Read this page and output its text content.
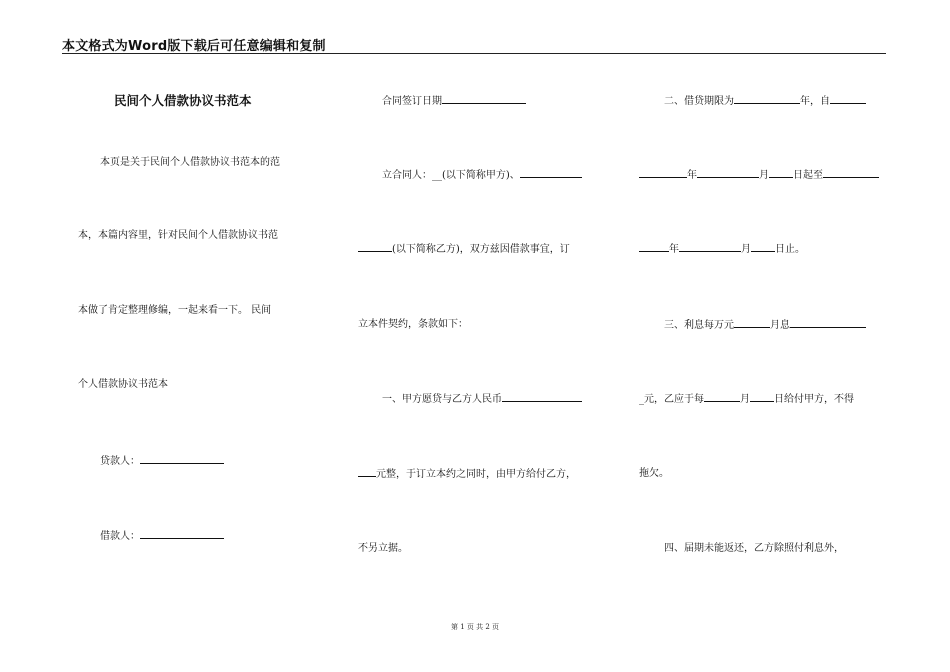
本文格式为Word版下载后可任意编辑和复制
民间个人借款协议书范本
本页是关于民间个人借款协议书范本的范
本，本篇内容里，针对民间个人借款协议书范
本做了肯定整理修编，一起来看一下。 民间
个人借款协议书范本
贷款人：
借款人：
合同签订日期
立合同人：__(以下简称甲方)、
(以下简称乙方)，双方兹因借款事宜，订
立本件契约，条款如下：
一、甲方愿贷与乙方人民币
元整，于订立本约之同时，由甲方给付乙方，
不另立据。
二、借贷期限为	年，自
年	月 日起至
年	月 日止。
三、利息每万元	月息
_元，乙应于每	月 日给付甲方，不得
拖欠。
四、届期未能返还，乙方除照付利息外，
第 1 页 共 2 页
